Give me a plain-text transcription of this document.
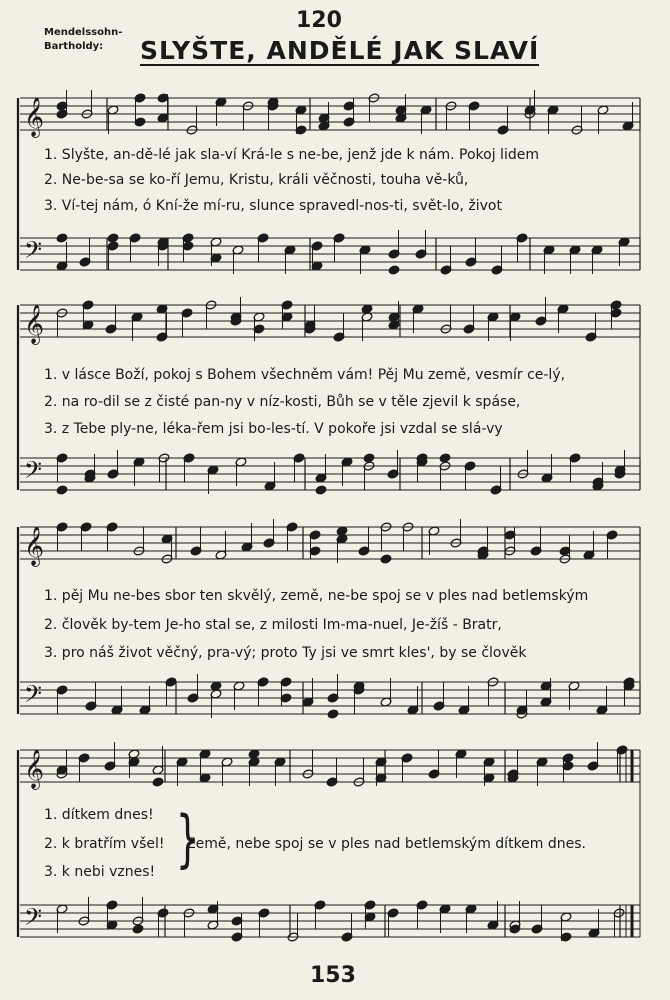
𝄞
𝄢
𝄞
𝄢
𝄞
𝄢
𝄞
𝄢
Mendelssohn-
Bartholdy:
120
SLYŠTE, ANDĚLÉ JAK SLAVÍ
1. Slyšte, an-dě-lé jak sla-ví Krá-le s ne-be, jenž jde k nám. Pokoj lidem
2. Ne-be-sa se ko-ří Jemu, Kristu, králi věčnosti, touha vě-ků,
3. Ví-tej nám, ó Kní-že mí-ru, slunce spravedl-nos-ti, svět-lo, život
1. v lásce Boží, pokoj s Bohem všechněm vám! Pěj Mu země, vesmír ce-lý,
2. na ro-dil se z čisté pan-ny v níz-kosti, Bůh se v těle zjevil k spáse,
3. z Tebe ply-ne, léka-řem jsi bo-les-tí. V pokoře jsi vzdal se slá-vy
1. pěj Mu ne-bes sbor ten skvělý, země, ne-be spoj se v ples nad betlemským
2. člověk by-tem Je-ho stal se, z milosti Im-ma-nuel, Je-žíš - Bratr,
3. pro náš život věčný, pra-vý; proto Ty jsi ve smrt kles', by se člověk
1. dítkem dnes!
2. k bratřím všel!
3. k nebi vznes! }
Země, nebe spoj se v ples nad betlemským dítkem dnes.
153
